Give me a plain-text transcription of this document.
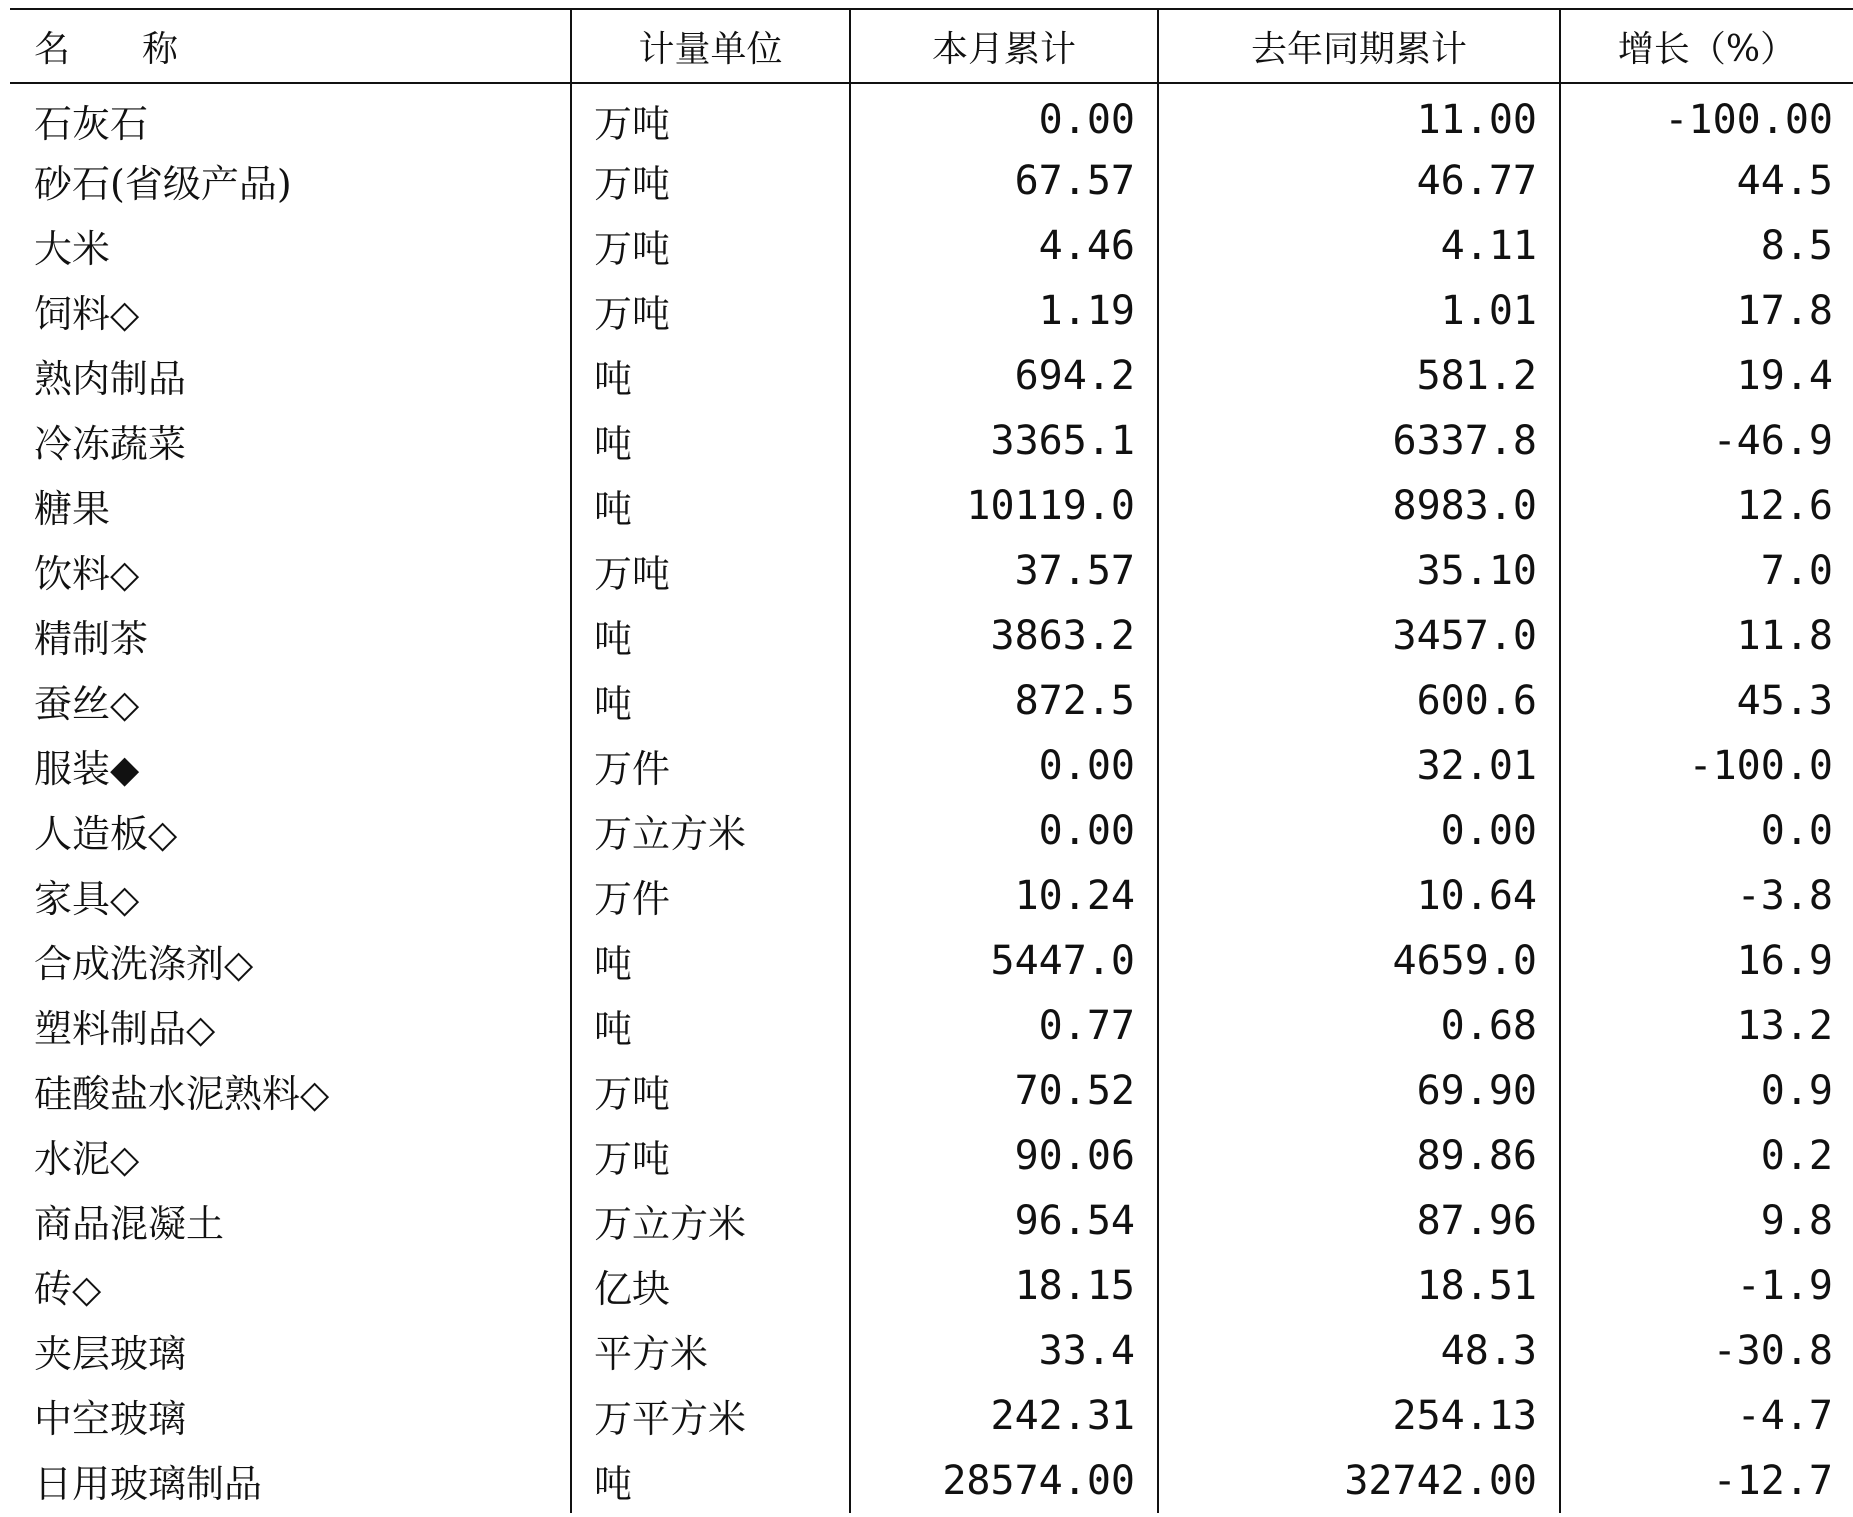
名　　称	计量单位	本月累计	去年同期累计	增长（%）
石灰石	万吨	0.00	11.00	-100.00
砂石(省级产品)	万吨	67.57	46.77	44.5
大米	万吨	4.46	4.11	8.5
饲料◇	万吨	1.19	1.01	17.8
熟肉制品	吨	694.2	581.2	19.4
冷冻蔬菜	吨	3365.1	6337.8	-46.9
糖果	吨	10119.0	8983.0	12.6
饮料◇	万吨	37.57	35.10	7.0
精制茶	吨	3863.2	3457.0	11.8
蚕丝◇	吨	872.5	600.6	45.3
服装◆	万件	0.00	32.01	-100.0
人造板◇	万立方米	0.00	0.00	0.0
家具◇	万件	10.24	10.64	-3.8
合成洗涤剂◇	吨	5447.0	4659.0	16.9
塑料制品◇	吨	0.77	0.68	13.2
硅酸盐水泥熟料◇	万吨	70.52	69.90	0.9
水泥◇	万吨	90.06	89.86	0.2
商品混凝土	万立方米	96.54	87.96	9.8
砖◇	亿块	18.15	18.51	-1.9
夹层玻璃	平方米	33.4	48.3	-30.8
中空玻璃	万平方米	242.31	254.13	-4.7
日用玻璃制品	吨	28574.00	32742.00	-12.7
